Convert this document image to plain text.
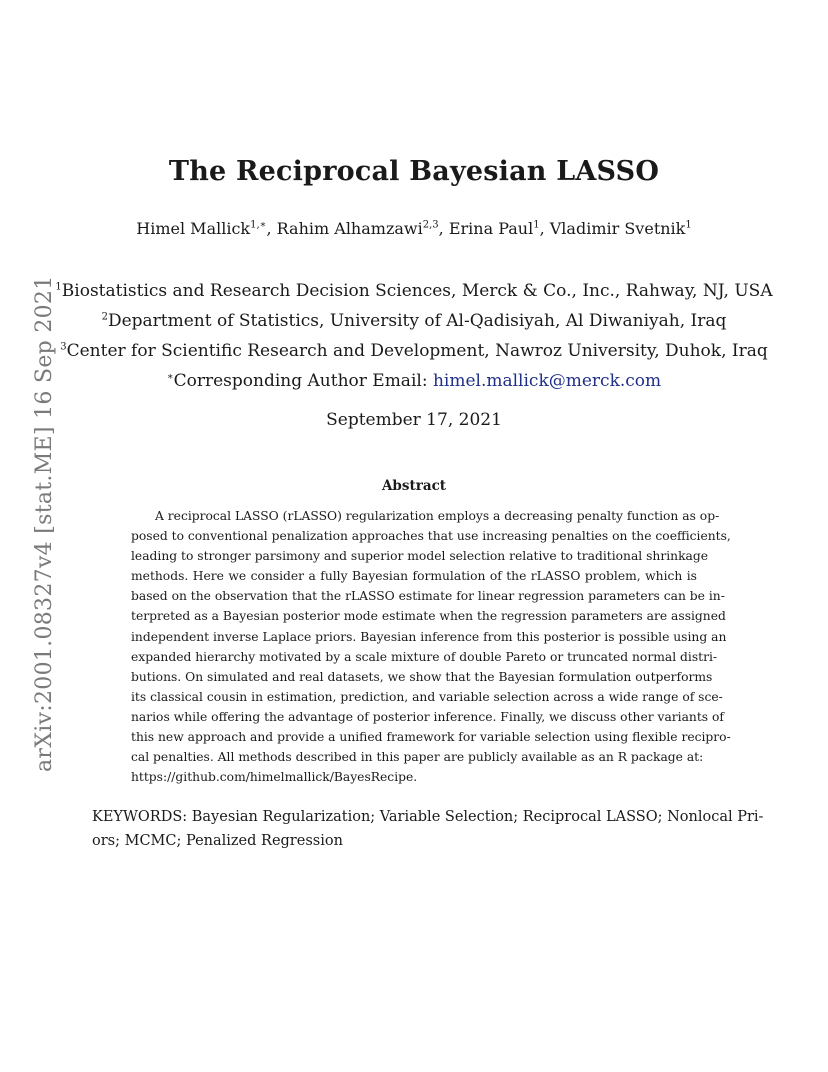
arXiv:2001.08327v4 [stat.ME] 16 Sep 2021
The Reciprocal Bayesian LASSO
Himel Mallick$^{1,∗}$, Rahim Alhamzawi$^{2,3}$, Erina Paul$^1$, Vladimir Svetnik$^1$
$^1$Biostatistics and Research Decision Sciences, Merck & Co., Inc., Rahway, NJ, USA
$^2$Department of Statistics, University of Al-Qadisiyah, Al Diwaniyah, Iraq
$^3$Center for Scientific Research and Development, Nawroz University, Duhok, Iraq
∗Corresponding Author Email: himel.mallick@merck.com
September 17, 2021
Abstract
A reciprocal LASSO (rLASSO) regularization employs a decreasing penalty function as op-
posed to conventional penalization approaches that use increasing penalties on the coefficients,
leading to stronger parsimony and superior model selection relative to traditional shrinkage
methods. Here we consider a fully Bayesian formulation of the rLASSO problem, which is
based on the observation that the rLASSO estimate for linear regression parameters can be in-
terpreted as a Bayesian posterior mode estimate when the regression parameters are assigned
independent inverse Laplace priors. Bayesian inference from this posterior is possible using an
expanded hierarchy motivated by a scale mixture of double Pareto or truncated normal distri-
butions. On simulated and real datasets, we show that the Bayesian formulation outperforms
its classical cousin in estimation, prediction, and variable selection across a wide range of sce-
narios while offering the advantage of posterior inference. Finally, we discuss other variants of
this new approach and provide a unified framework for variable selection using flexible recipro-
cal penalties. All methods described in this paper are publicly available as an R package at:
https://github.com/himelmallick/BayesRecipe.
KEYWORDS: Bayesian Regularization; Variable Selection; Reciprocal LASSO; Nonlocal Pri-
ors; MCMC; Penalized Regression
